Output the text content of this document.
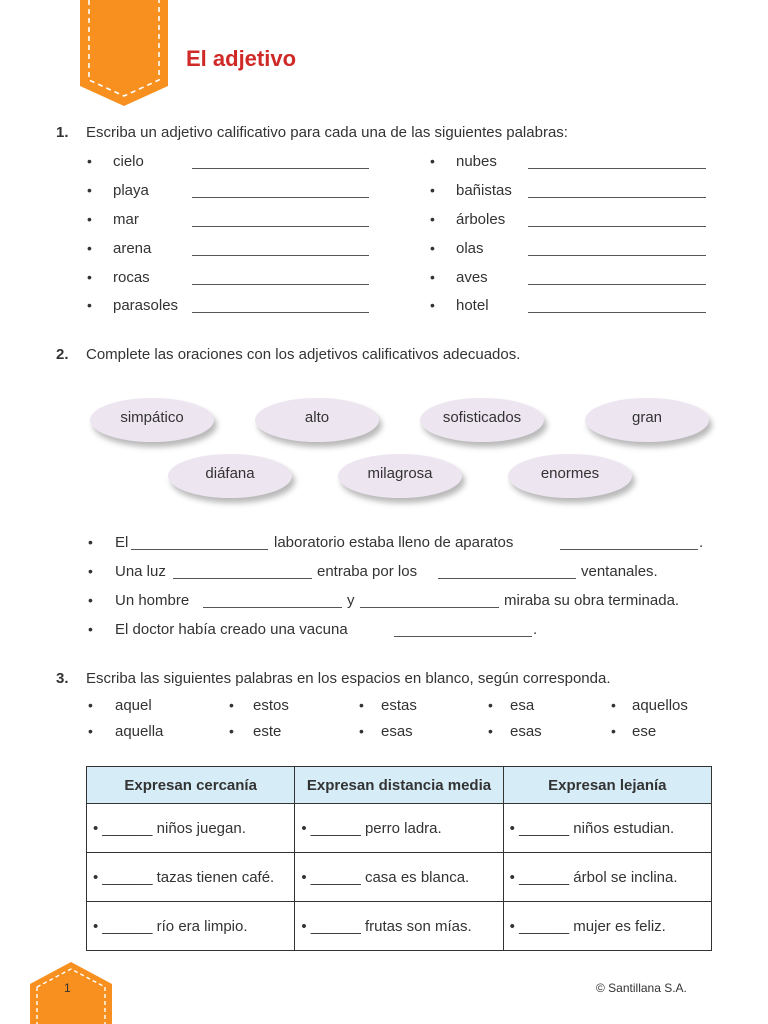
El adjetivo
1. Escriba un adjetivo calificativo para cada una de las siguientes palabras:
• cielo
• playa
• mar
• arena
• rocas
• parasoles
• nubes
• bañistas
• árboles
• olas
• aves
• hotel
2. Complete las oraciones con los adjetivos calificativos adecuados.
simpático	alto	sofisticados	gran
diáfana	milagrosa	enormes
• El	laboratorio estaba lleno de aparatos	.
• Una luz	entraba por los	ventanales.
• Un hombre	y	miraba su obra terminada.
• El doctor había creado una vacuna	.
3. Escriba las siguientes palabras en los espacios en blanco, según corresponda.
• aquel	• estos	• estas	• esa	• aquellos
• aquella	• este	• esas	• esas	• ese
Expresan cercanía	Expresan distancia media	Expresan lejanía
• ______ niños juegan.	• ______ perro ladra.	• ______ niños estudian.
• ______ tazas tienen café.	• ______ casa es blanca.	• ______ árbol se inclina.
• ______ río era limpio.	• ______ frutas son mías.	• ______ mujer es feliz.
1	© Santillana S.A.
